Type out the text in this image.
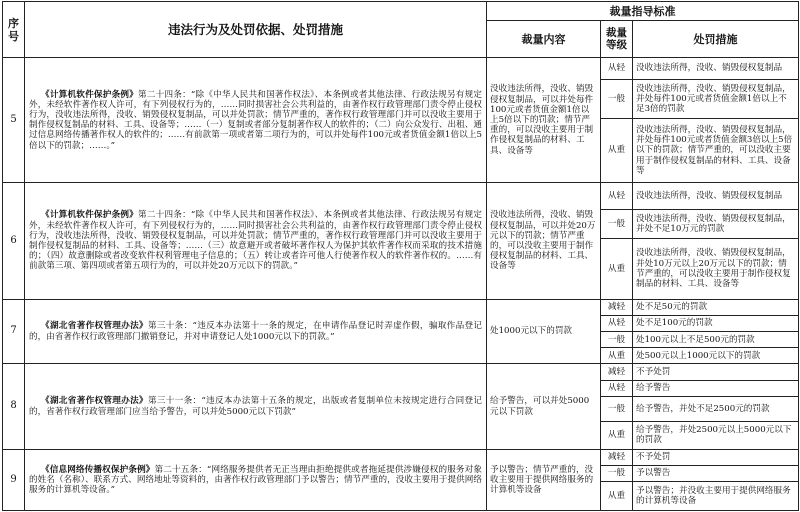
序号	违法行为及处罚依据、处罚措施	裁量指导标准		
		裁量内容	裁量等级	处罚措施
5	《计算机软件保护条例》第二十四条：“除《中华人民共和国著作权法》、本条例或者其他法律、行政法规另有规定外，未经软件著作权人许可，有下列侵权行为的，……同时损害社会公共利益的，由著作权行政管理部门责令停止侵权行为，没收违法所得，没收、销毁侵权复制品，可以并处罚款；情节严重的，著作权行政管理部门并可以没收主要用于制作侵权复制品的材料、工具、设备等；……（一）复制或者部分复制著作权人的软件的；（二）向公众发行、出租、通过信息网络传播著作权人的软件的；……有前款第一项或者第二项行为的，可以并处每件100元或者货值金额1倍以上5倍以下的罚款；……。”	没收违法所得，没收、销毁侵权复制品，可以并处每件100元或者货值金额1倍以上5倍以下的罚款；情节严重的，可以没收主要用于制作侵权复制品的材料、工具、设备等	从轻	没收违法所得，没收、销毁侵权复制品
			一般	没收违法所得，没收、销毁侵权复制品，并处每件100元或者货值金额1倍以上不足3倍的罚款
			从重	没收违法所得，没收、销毁侵权复制品，并处每件100元或者货值金额3倍以上5倍以下的罚款；情节严重的，可以没收主要用于制作侵权复制品的材料、工具、设备等
6	《计算机软件保护条例》第二十四条：“除《中华人民共和国著作权法》、本条例或者其他法律、行政法规另有规定外，未经软件著作权人许可，有下列侵权行为的，……同时损害社会公共利益的，由著作权行政管理部门责令停止侵权行为，没收违法所得，没收、销毁侵权复制品，可以并处罚款；情节严重的，著作权行政管理部门并可以没收主要用于制作侵权复制品的材料、工具、设备等；……（三）故意避开或者破坏著作权人为保护其软件著作权而采取的技术措施的；（四）故意删除或者改变软件权利管理电子信息的；（五）转让或者许可他人行使著作权人的软件著作权的。……有前款第三项、第四项或者第五项行为的，可以并处20万元以下的罚款。”	没收违法所得，没收、销毁侵权复制品，可以并处20万元以下的罚款；情节严重的，可以没收主要用于制作侵权复制品的材料、工具、设备等	从轻	没收违法所得，没收、销毁侵权复制品
			一般	没收违法所得，没收、销毁侵权复制品，并处不足10万元的罚款
			从重	没收违法所得，没收、销毁侵权复制品，并处10万元以上20万元以下的罚款；情节严重的，可以没收主要用于制作侵权复制品的材料、工具、设备等
7	《湖北省著作权管理办法》第三十条：“违反本办法第十一条的规定，在申请作品登记时弄虚作假，骗取作品登记的，由省著作权行政管理部门撤销登记，并对申请登记人处1000元以下的罚款。”	处1000元以下的罚款	减轻	处不足50元的罚款
			从轻	处不足100元的罚款
			一般	处100元以上不足500元的罚款
			从重	处500元以上1000元以下的罚款
8	《湖北省著作权管理办法》第三十一条：“违反本办法第十五条的规定，出版或者复制单位未按规定进行合同登记的，省著作权行政管理部门应当给予警告，可以并处5000元以下罚款”	给予警告，可以并处5000元以下罚款	减轻	不予处罚
			从轻	给予警告
			一般	给予警告，并处不足2500元的罚款
			从重	给予警告，并处2500元以上5000元以下的罚款
9	《信息网络传播权保护条例》第二十五条：“网络服务提供者无正当理由拒绝提供或者拖延提供涉嫌侵权的服务对象的姓名（名称）、联系方式、网络地址等资料的，由著作权行政管理部门予以警告；情节严重的，没收主要用于提供网络服务的计算机等设备。”	予以警告；情节严重的，没收主要用于提供网络服务的计算机等设备	减轻	不予处罚
			一般	予以警告
			从重	予以警告；并没收主要用于提供网络服务的计算机等设备
